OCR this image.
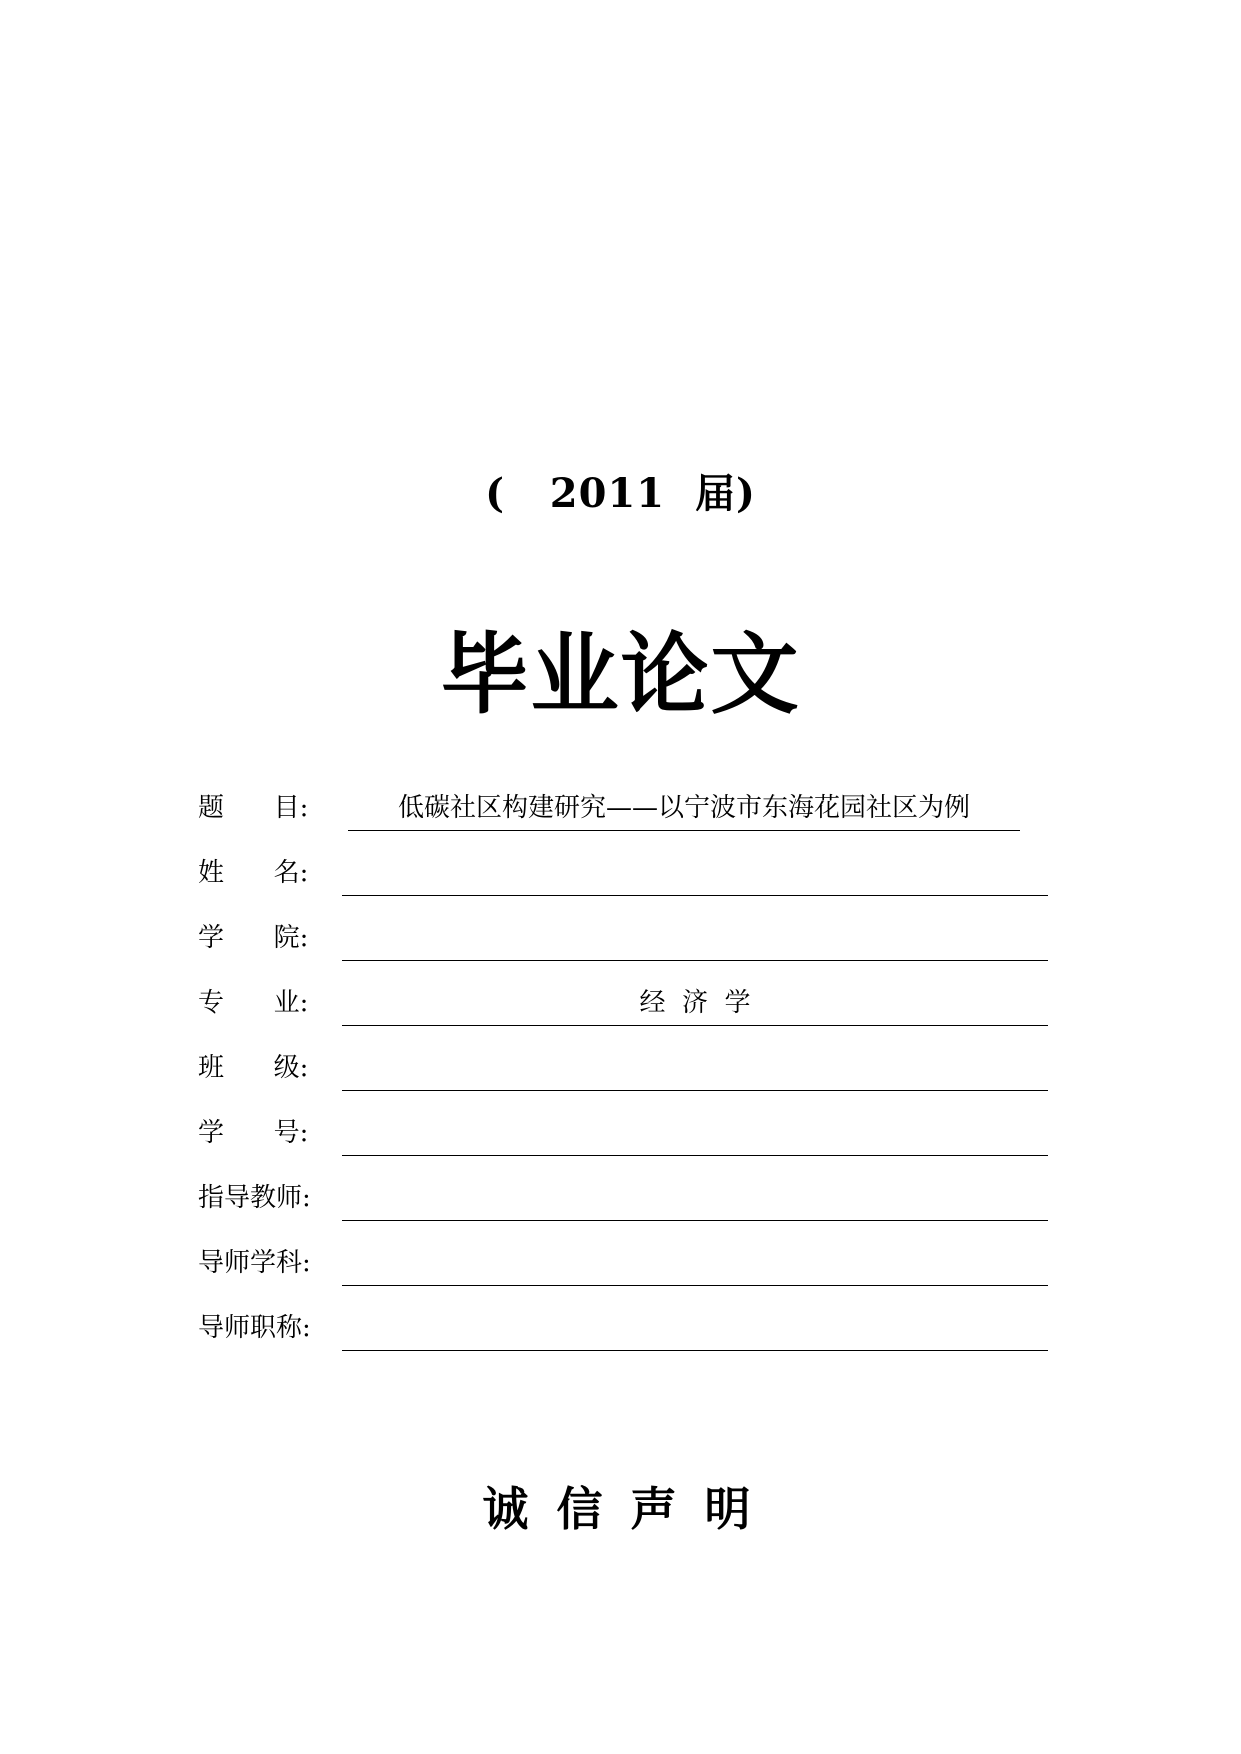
(   2011  届)
毕业论文
题      目:	低碳社区构建研究——以宁波市东海花园社区为例
姓      名:
学      院:
专      业:	经  济  学
班      级:
学      号:
指导教师:
导师学科:
导师职称:
诚信声明
